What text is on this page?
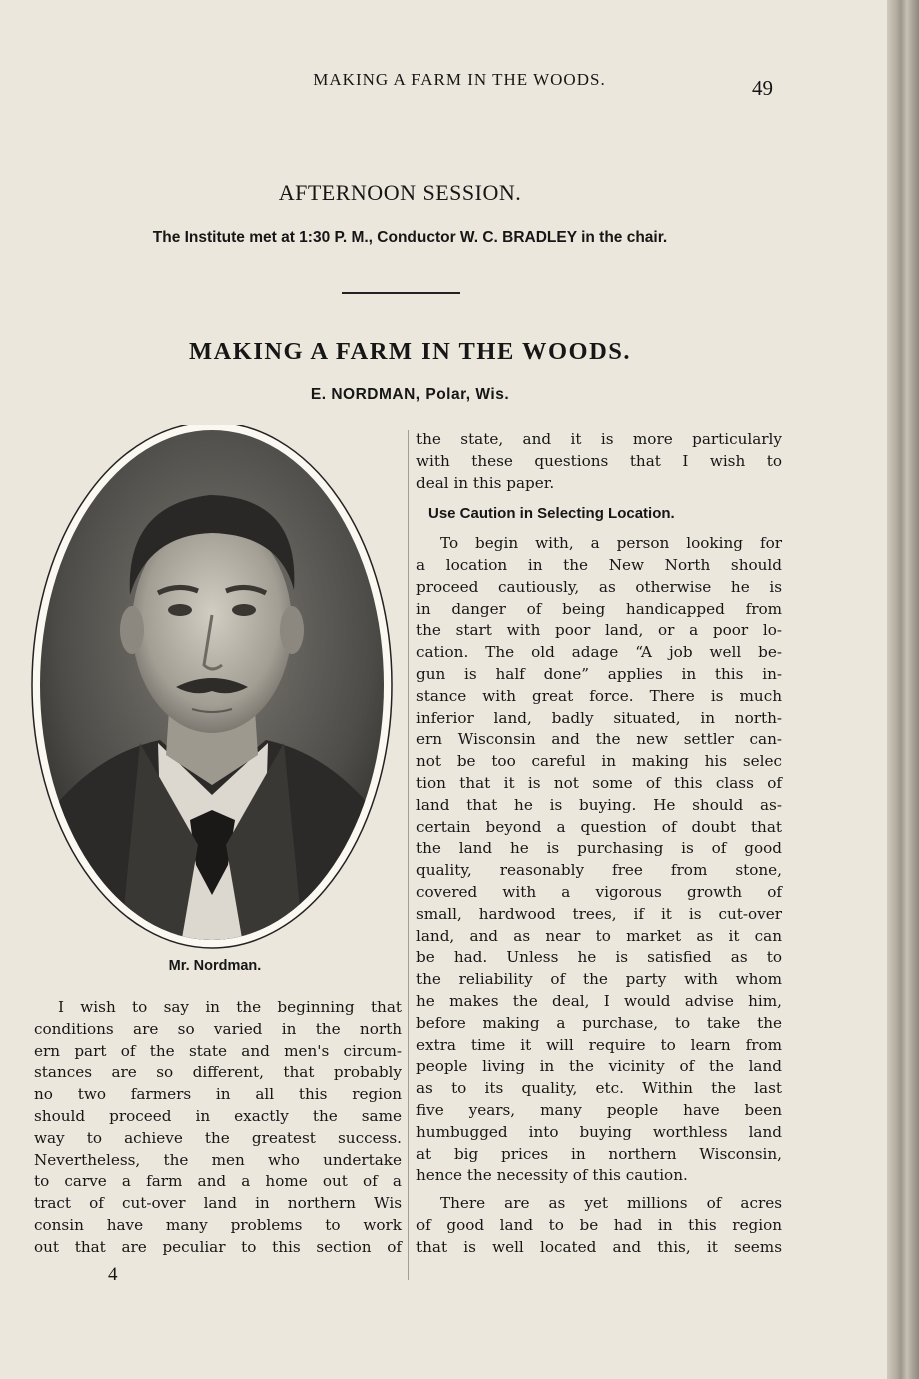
MAKING A FARM IN THE WOODS.	49
AFTERNOON SESSION.
The Institute met at 1:30 P. M., Conductor W. C. BRADLEY in the chair.
MAKING A FARM IN THE WOODS.
E. NORDMAN, Polar, Wis.
Mr. Nordman.
I wish to say in the beginning that
conditions are so varied in the north
ern part of the state and men's circum-
stances are so different, that probably
no two farmers in all this region
should proceed in exactly the same
way to achieve the greatest success.
Nevertheless, the men who undertake
to carve a farm and a home out of a
tract of cut-over land in northern Wis
consin have many problems to work
out that are peculiar to this section of
the state, and it is more particularly
with these questions that I wish to
deal in this paper.
Use Caution in Selecting Location.
To begin with, a person looking for
a location in the New North should
proceed cautiously, as otherwise he is
in danger of being handicapped from
the start with poor land, or a poor lo-
cation. The old adage “A job well be-
gun is half done” applies in this in-
stance with great force. There is much
inferior land, badly situated, in north-
ern Wisconsin and the new settler can-
not be too careful in making his selec
tion that it is not some of this class of
land that he is buying. He should as-
certain beyond a question of doubt that
the land he is purchasing is of good
quality, reasonably free from stone,
covered with a vigorous growth of
small, hardwood trees, if it is cut-over
land, and as near to market as it can
be had. Unless he is satisfied as to
the reliability of the party with whom
he makes the deal, I would advise him,
before making a purchase, to take the
extra time it will require to learn from
people living in the vicinity of the land
as to its quality, etc. Within the last
five years, many people have been
humbugged into buying worthless land
at big prices in northern Wisconsin,
hence the necessity of this caution.
There are as yet millions of acres
of good land to be had in this region
that is well located and this, it seems
4
